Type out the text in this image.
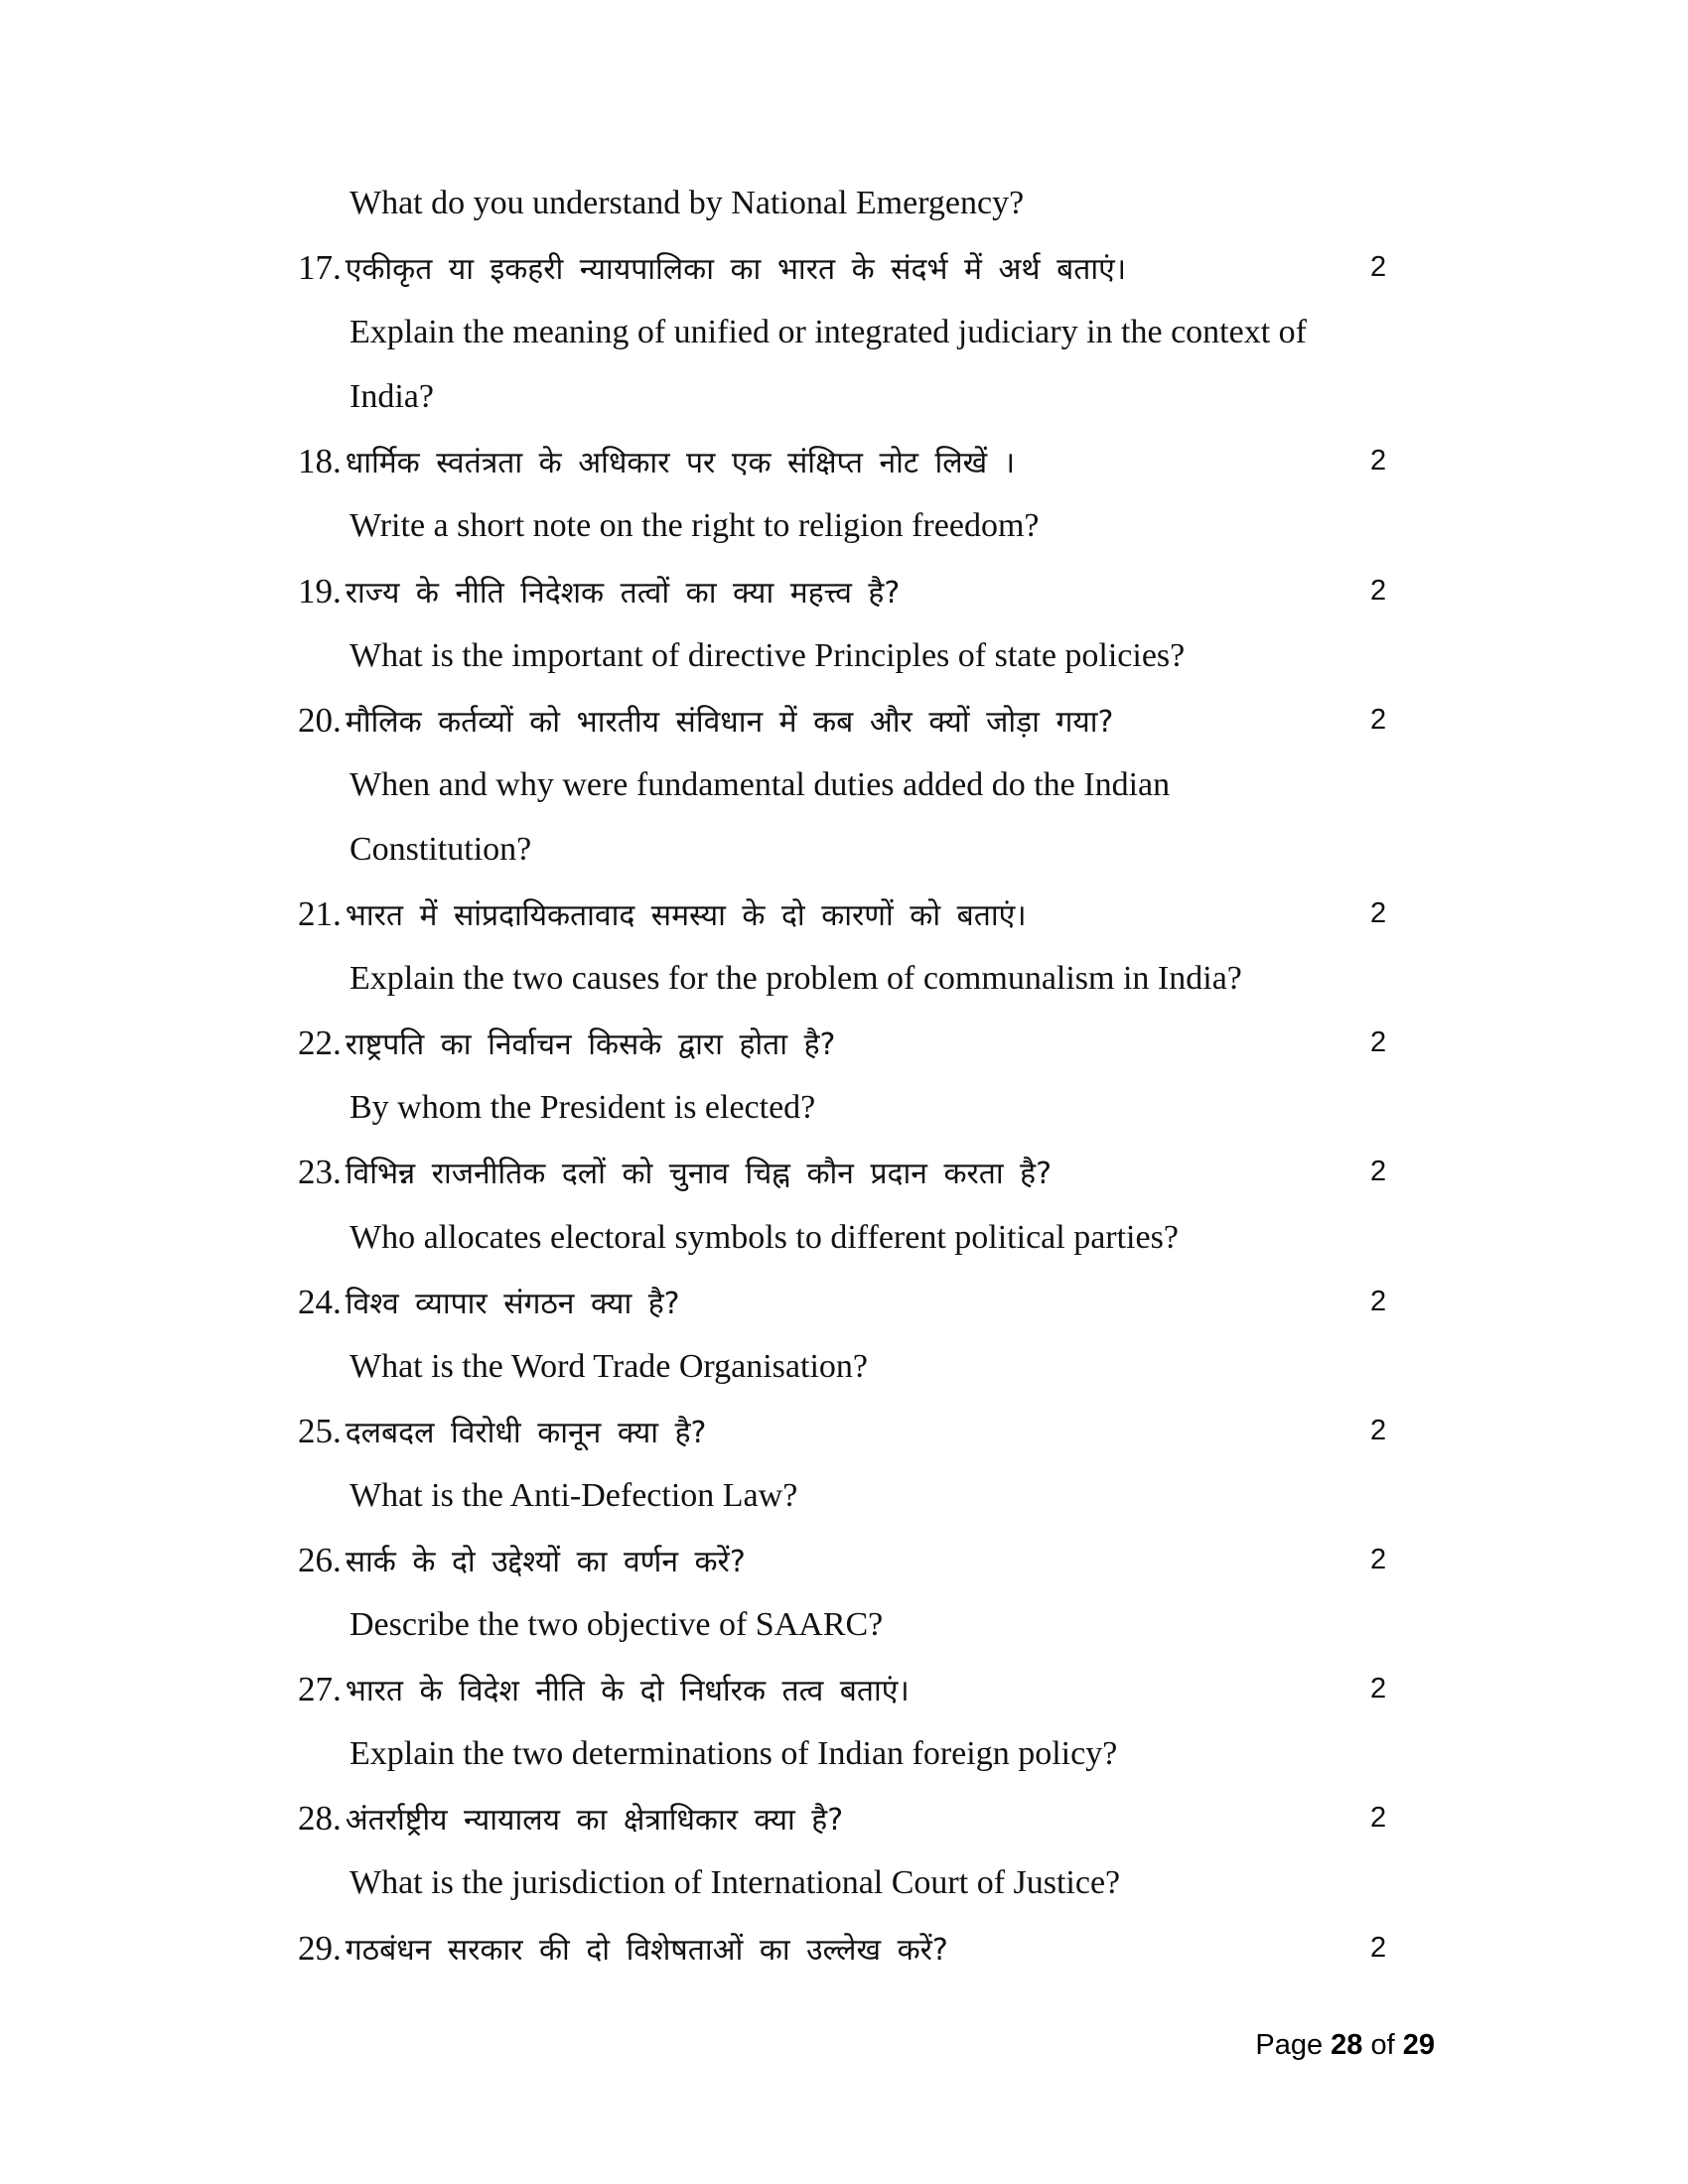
What do you understand by National Emergency?
17. एकीकृत या इकहरी न्यायपालिका का भारत के संदर्भ में अर्थ बताएं।	2
Explain the meaning of unified or integrated judiciary in the context of
India?
18. धार्मिक स्वतंत्रता के अधिकार पर एक संक्षिप्त नोट लिखें ।	2
Write a short note on the right to religion freedom?
19. राज्य के नीति निदेशक तत्वों का क्या महत्त्व है?	2
What is the important of directive Principles of state policies?
20. मौलिक कर्तव्यों को भारतीय संविधान में कब और क्यों जोड़ा गया?	2
When and why were fundamental duties added do the Indian
Constitution?
21. भारत में सांप्रदायिकतावाद समस्या के दो कारणों को बताएं।	2
Explain the two causes for the problem of communalism in India?
22. राष्ट्रपति का निर्वाचन किसके द्वारा होता है?	2
By whom the President is elected?
23. विभिन्न राजनीतिक दलों को चुनाव चिह्न कौन प्रदान करता है?	2
Who allocates electoral symbols to different political parties?
24. विश्व व्यापार संगठन क्या है?	2
What is the Word Trade Organisation?
25. दलबदल विरोधी कानून क्या है?	2
What is the Anti-Defection Law?
26. सार्क के दो उद्देश्यों का वर्णन करें?	2
Describe the two objective of SAARC?
27. भारत के विदेश नीति के दो निर्धारक तत्व बताएं।	2
Explain the two determinations of Indian foreign policy?
28. अंतर्राष्ट्रीय न्यायालय का क्षेत्राधिकार क्या है?	2
What is the jurisdiction of International Court of Justice?
29. गठबंधन सरकार की दो विशेषताओं का उल्लेख करें?	2
Page 28 of 29
